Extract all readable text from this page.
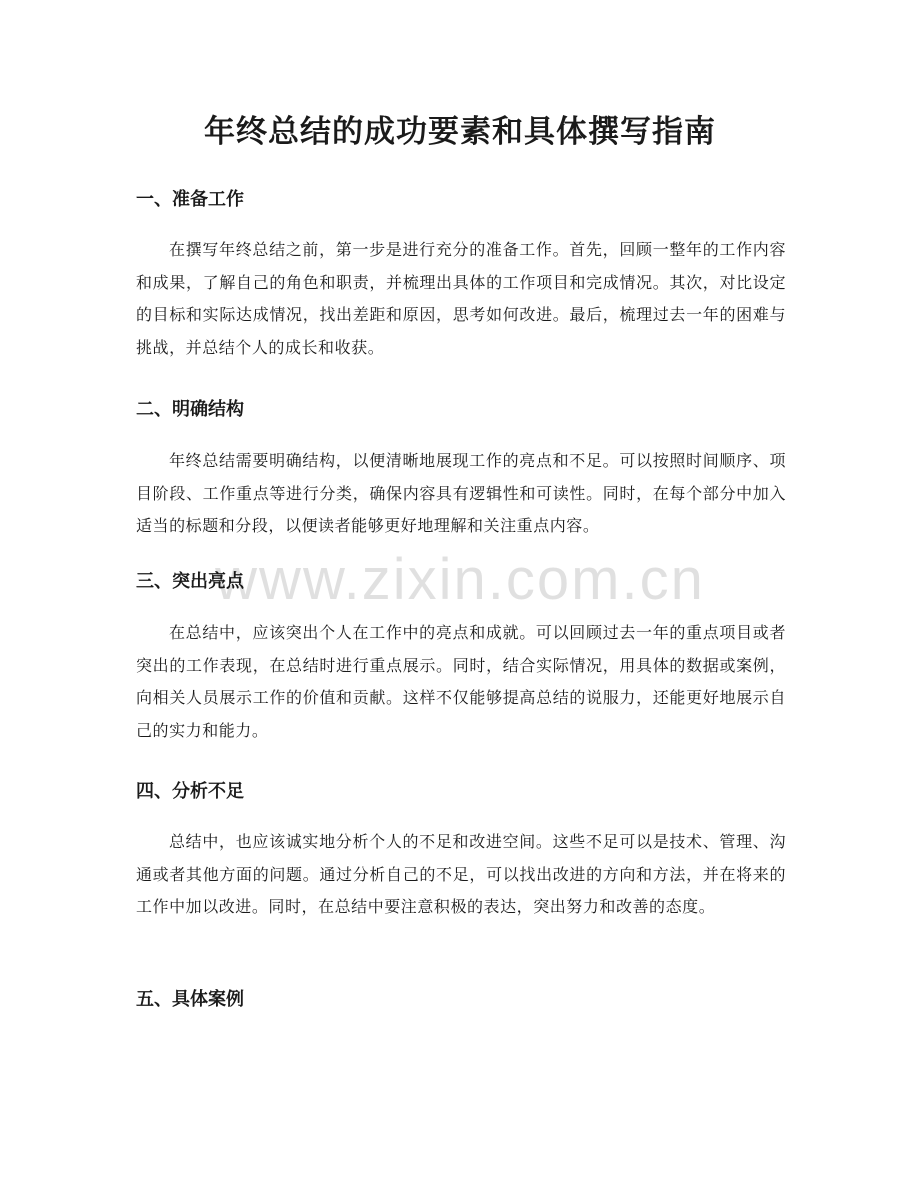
年终总结的成功要素和具体撰写指南
一、准备工作

在撰写年终总结之前，第一步是进行充分的准备工作。首先，回顾一整年的工作内容和成果，了解自己的角色和职责，并梳理出具体的工作项目和完成情况。其次，对比设定的目标和实际达成情况，找出差距和原因，思考如何改进。最后，梳理过去一年的困难与挑战，并总结个人的成长和收获。

二、明确结构

年终总结需要明确结构，以便清晰地展现工作的亮点和不足。可以按照时间顺序、项目阶段、工作重点等进行分类，确保内容具有逻辑性和可读性。同时，在每个部分中加入适当的标题和分段，以便读者能够更好地理解和关注重点内容。

三、突出亮点

在总结中，应该突出个人在工作中的亮点和成就。可以回顾过去一年的重点项目或者突出的工作表现，在总结时进行重点展示。同时，结合实际情况，用具体的数据或案例，向相关人员展示工作的价值和贡献。这样不仅能够提高总结的说服力，还能更好地展示自己的实力和能力。

四、分析不足

总结中，也应该诚实地分析个人的不足和改进空间。这些不足可以是技术、管理、沟通或者其他方面的问题。通过分析自己的不足，可以找出改进的方向和方法，并在将来的工作中加以改进。同时，在总结中要注意积极的表达，突出努力和改善的态度。

五、具体案例
www.zixin.com.cn
